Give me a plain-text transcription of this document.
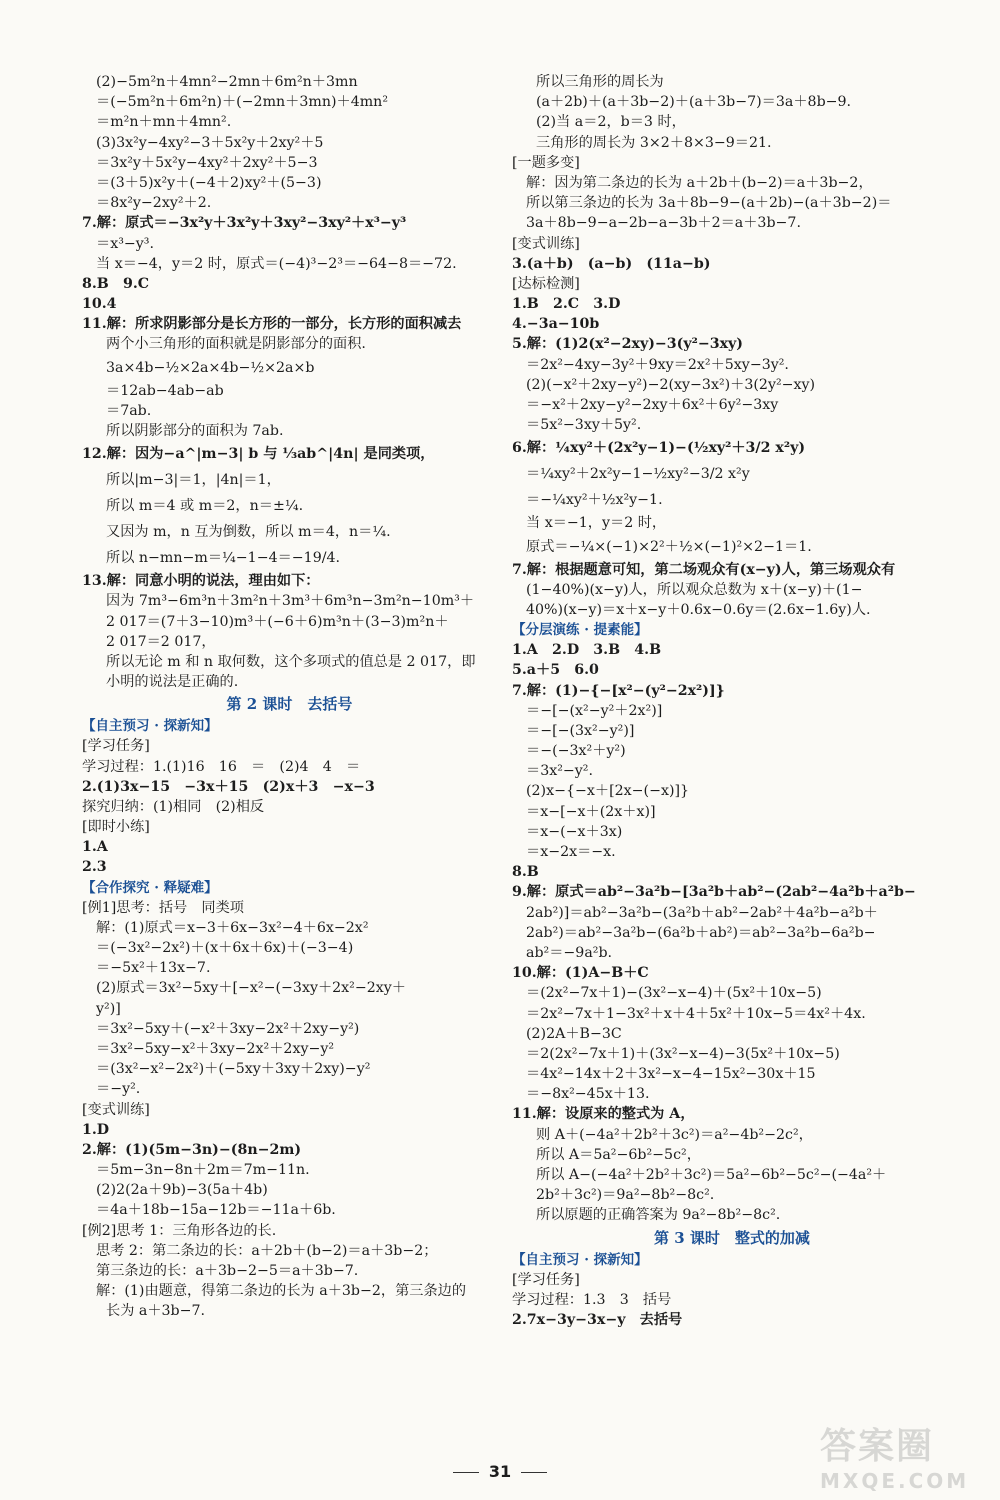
(2)−5m²n＋4mn²−2mn＋6m²n＋3mn
＝(−5m²n＋6m²n)＋(−2mn＋3mn)＋4mn²
＝m²n＋mn＋4mn².
(3)3x²y−4xy²−3＋5x²y＋2xy²＋5
＝3x²y＋5x²y−4xy²＋2xy²＋5−3
＝(3＋5)x²y＋(−4＋2)xy²＋(5−3)
＝8x²y−2xy²＋2.
7.解：原式＝−3x²y＋3x²y＋3xy²−3xy²＋x³−y³
＝x³−y³.
当 x＝−4，y＝2 时，原式＝(−4)³−2³＝−64−8＝−72.
8.B　9.C
10.4
11.解：所求阴影部分是长方形的一部分，长方形的面积减去
两个小三角形的面积就是阴影部分的面积.
3a×4b−½×2a×4b−½×2a×b
＝12ab−4ab−ab
＝7ab.
所以阴影部分的面积为 7ab.
12.解：因为−a^|m−3| b 与 ⅓ab^|4n| 是同类项，
所以|m−3|＝1，|4n|＝1，
所以 m＝4 或 m＝2，n＝±¼.
又因为 m，n 互为倒数，所以 m＝4，n＝¼.
所以 n−mn−m＝¼−1−4＝−19/4.
13.解：同意小明的说法，理由如下：
因为 7m³−6m³n＋3m²n＋3m³＋6m³n−3m²n−10m³＋
2 017＝(7＋3−10)m³＋(−6＋6)m³n＋(3−3)m²n＋
2 017＝2 017，
所以无论 m 和 n 取何数，这个多项式的值总是 2 017，即
小明的说法是正确的.
第 2 课时　去括号
【自主预习 · 探新知】
[学习任务]
学习过程：1.(1)16　16　＝　(2)4　4　＝
2.(1)3x−15　−3x＋15　(2)x＋3　−x−3
探究归纳：(1)相同　(2)相反
[即时小练]
1.A
2.3
【合作探究 · 释疑难】
[例1]思考：括号　同类项
解：(1)原式＝x−3＋6x−3x²−4＋6x−2x²
＝(−3x²−2x²)＋(x＋6x＋6x)＋(−3−4)
＝−5x²＋13x−7.
(2)原式＝3x²−5xy＋[−x²−(−3xy＋2x²−2xy＋
y²)]
＝3x²−5xy＋(−x²＋3xy−2x²＋2xy−y²)
＝3x²−5xy−x²＋3xy−2x²＋2xy−y²
＝(3x²−x²−2x²)＋(−5xy＋3xy＋2xy)−y²
＝−y².
[变式训练]
1.D
2.解：(1)(5m−3n)−(8n−2m)
＝5m−3n−8n＋2m＝7m−11n.
(2)2(2a＋9b)−3(5a＋4b)
＝4a＋18b−15a−12b＝−11a＋6b.
[例2]思考 1：三角形各边的长.
思考 2：第二条边的长：a＋2b＋(b−2)＝a＋3b−2；
第三条边的长：a＋3b−2−5＝a＋3b−7.
解：(1)由题意，得第二条边的长为 a＋3b−2，第三条边的
长为 a＋3b−7.
所以三角形的周长为
(a＋2b)＋(a＋3b−2)＋(a＋3b−7)＝3a＋8b−9.
(2)当 a＝2，b＝3 时，
三角形的周长为 3×2＋8×3−9＝21.
[一题多变]
解：因为第二条边的长为 a＋2b＋(b−2)＝a＋3b−2，
所以第三条边的长为 3a＋8b−9−(a＋2b)−(a＋3b−2)＝
3a＋8b−9−a−2b−a−3b＋2＝a＋3b−7.
[变式训练]
3.(a＋b)　(a−b)　(11a−b)
[达标检测]
1.B　2.C　3.D
4.−3a−10b
5.解：(1)2(x²−2xy)−3(y²−3xy)
＝2x²−4xy−3y²＋9xy＝2x²＋5xy−3y².
(2)(−x²＋2xy−y²)−2(xy−3x²)＋3(2y²−xy)
＝−x²＋2xy−y²−2xy＋6x²＋6y²−3xy
＝5x²−3xy＋5y².
6.解：¼xy²＋(2x²y−1)−(½xy²＋3/2 x²y)
＝¼xy²＋2x²y−1−½xy²−3/2 x²y
＝−¼xy²＋½x²y−1.
当 x＝−1，y＝2 时，
原式＝−¼×(−1)×2²＋½×(−1)²×2−1＝1.
7.解：根据题意可知，第二场观众有(x−y)人，第三场观众有
(1−40%)(x−y)人，所以观众总数为 x＋(x−y)＋(1−
40%)(x−y)＝x＋x−y＋0.6x−0.6y＝(2.6x−1.6y)人.
【分层演练 · 提素能】
1.A　2.D　3.B　4.B
5.a＋5　6.0
7.解：(1)−{−[x²−(y²−2x²)]}
＝−[−(x²−y²＋2x²)]
＝−[−(3x²−y²)]
＝−(−3x²＋y²)
＝3x²−y².
(2)x−{−x＋[2x−(−x)]}
＝x−[−x＋(2x＋x)]
＝x−(−x＋3x)
＝x−2x＝−x.
8.B
9.解：原式＝ab²−3a²b−[3a²b＋ab²−(2ab²−4a²b＋a²b−
2ab²)]＝ab²−3a²b−(3a²b＋ab²−2ab²＋4a²b−a²b＋
2ab²)＝ab²−3a²b−(6a²b＋ab²)＝ab²−3a²b−6a²b−
ab²＝−9a²b.
10.解：(1)A−B＋C
＝(2x²−7x＋1)−(3x²−x−4)＋(5x²＋10x−5)
＝2x²−7x＋1−3x²＋x＋4＋5x²＋10x−5＝4x²＋4x.
(2)2A＋B−3C
＝2(2x²−7x＋1)＋(3x²−x−4)−3(5x²＋10x−5)
＝4x²−14x＋2＋3x²−x−4−15x²−30x＋15
＝−8x²−45x＋13.
11.解：设原来的整式为 A，
则 A＋(−4a²＋2b²＋3c²)＝a²−4b²−2c²，
所以 A＝5a²−6b²−5c²，
所以 A−(−4a²＋2b²＋3c²)＝5a²−6b²−5c²−(−4a²＋
2b²＋3c²)＝9a²−8b²−8c².
所以原题的正确答案为 9a²−8b²−8c².
第 3 课时　整式的加减
【自主预习 · 探新知】
[学习任务]
学习过程：1.3　3　括号
2.7x−3y−3x−y　去括号
31
答案圈
MXQE.COM
